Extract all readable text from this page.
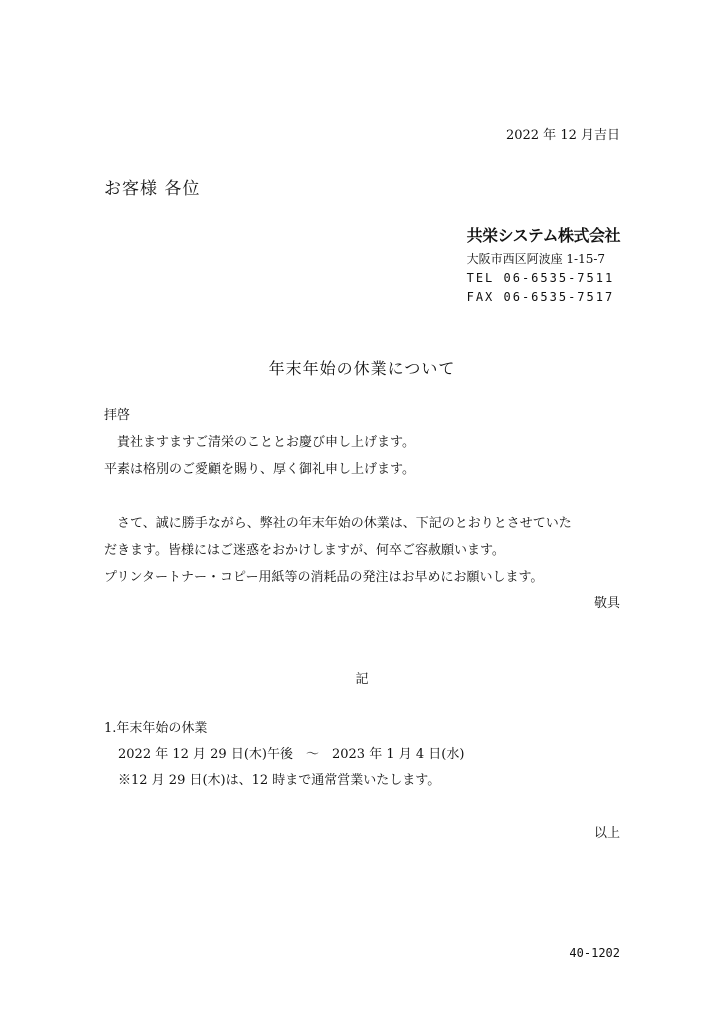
2022 年 12 月吉日
お客様 各位
共栄システム株式会社
大阪市西区阿波座 1-15-7
TEL 06-6535-7511
FAX 06-6535-7517
年末年始の休業について
拝啓
　貴社ますますご清栄のこととお慶び申し上げます。
平素は格別のご愛顧を賜り、厚く御礼申し上げます。
　さて、誠に勝手ながら、弊社の年末年始の休業は、下記のとおりとさせていた
だきます。皆様にはご迷惑をおかけしますが、何卒ご容赦願います。
プリンタートナー・コピー用紙等の消耗品の発注はお早めにお願いします。
敬具
記
1.年末年始の休業
2022 年 12 月 29 日(木)午後　～　2023 年 1 月 4 日(水)
※12 月 29 日(木)は、12 時まで通常営業いたします。
以上
40-1202
